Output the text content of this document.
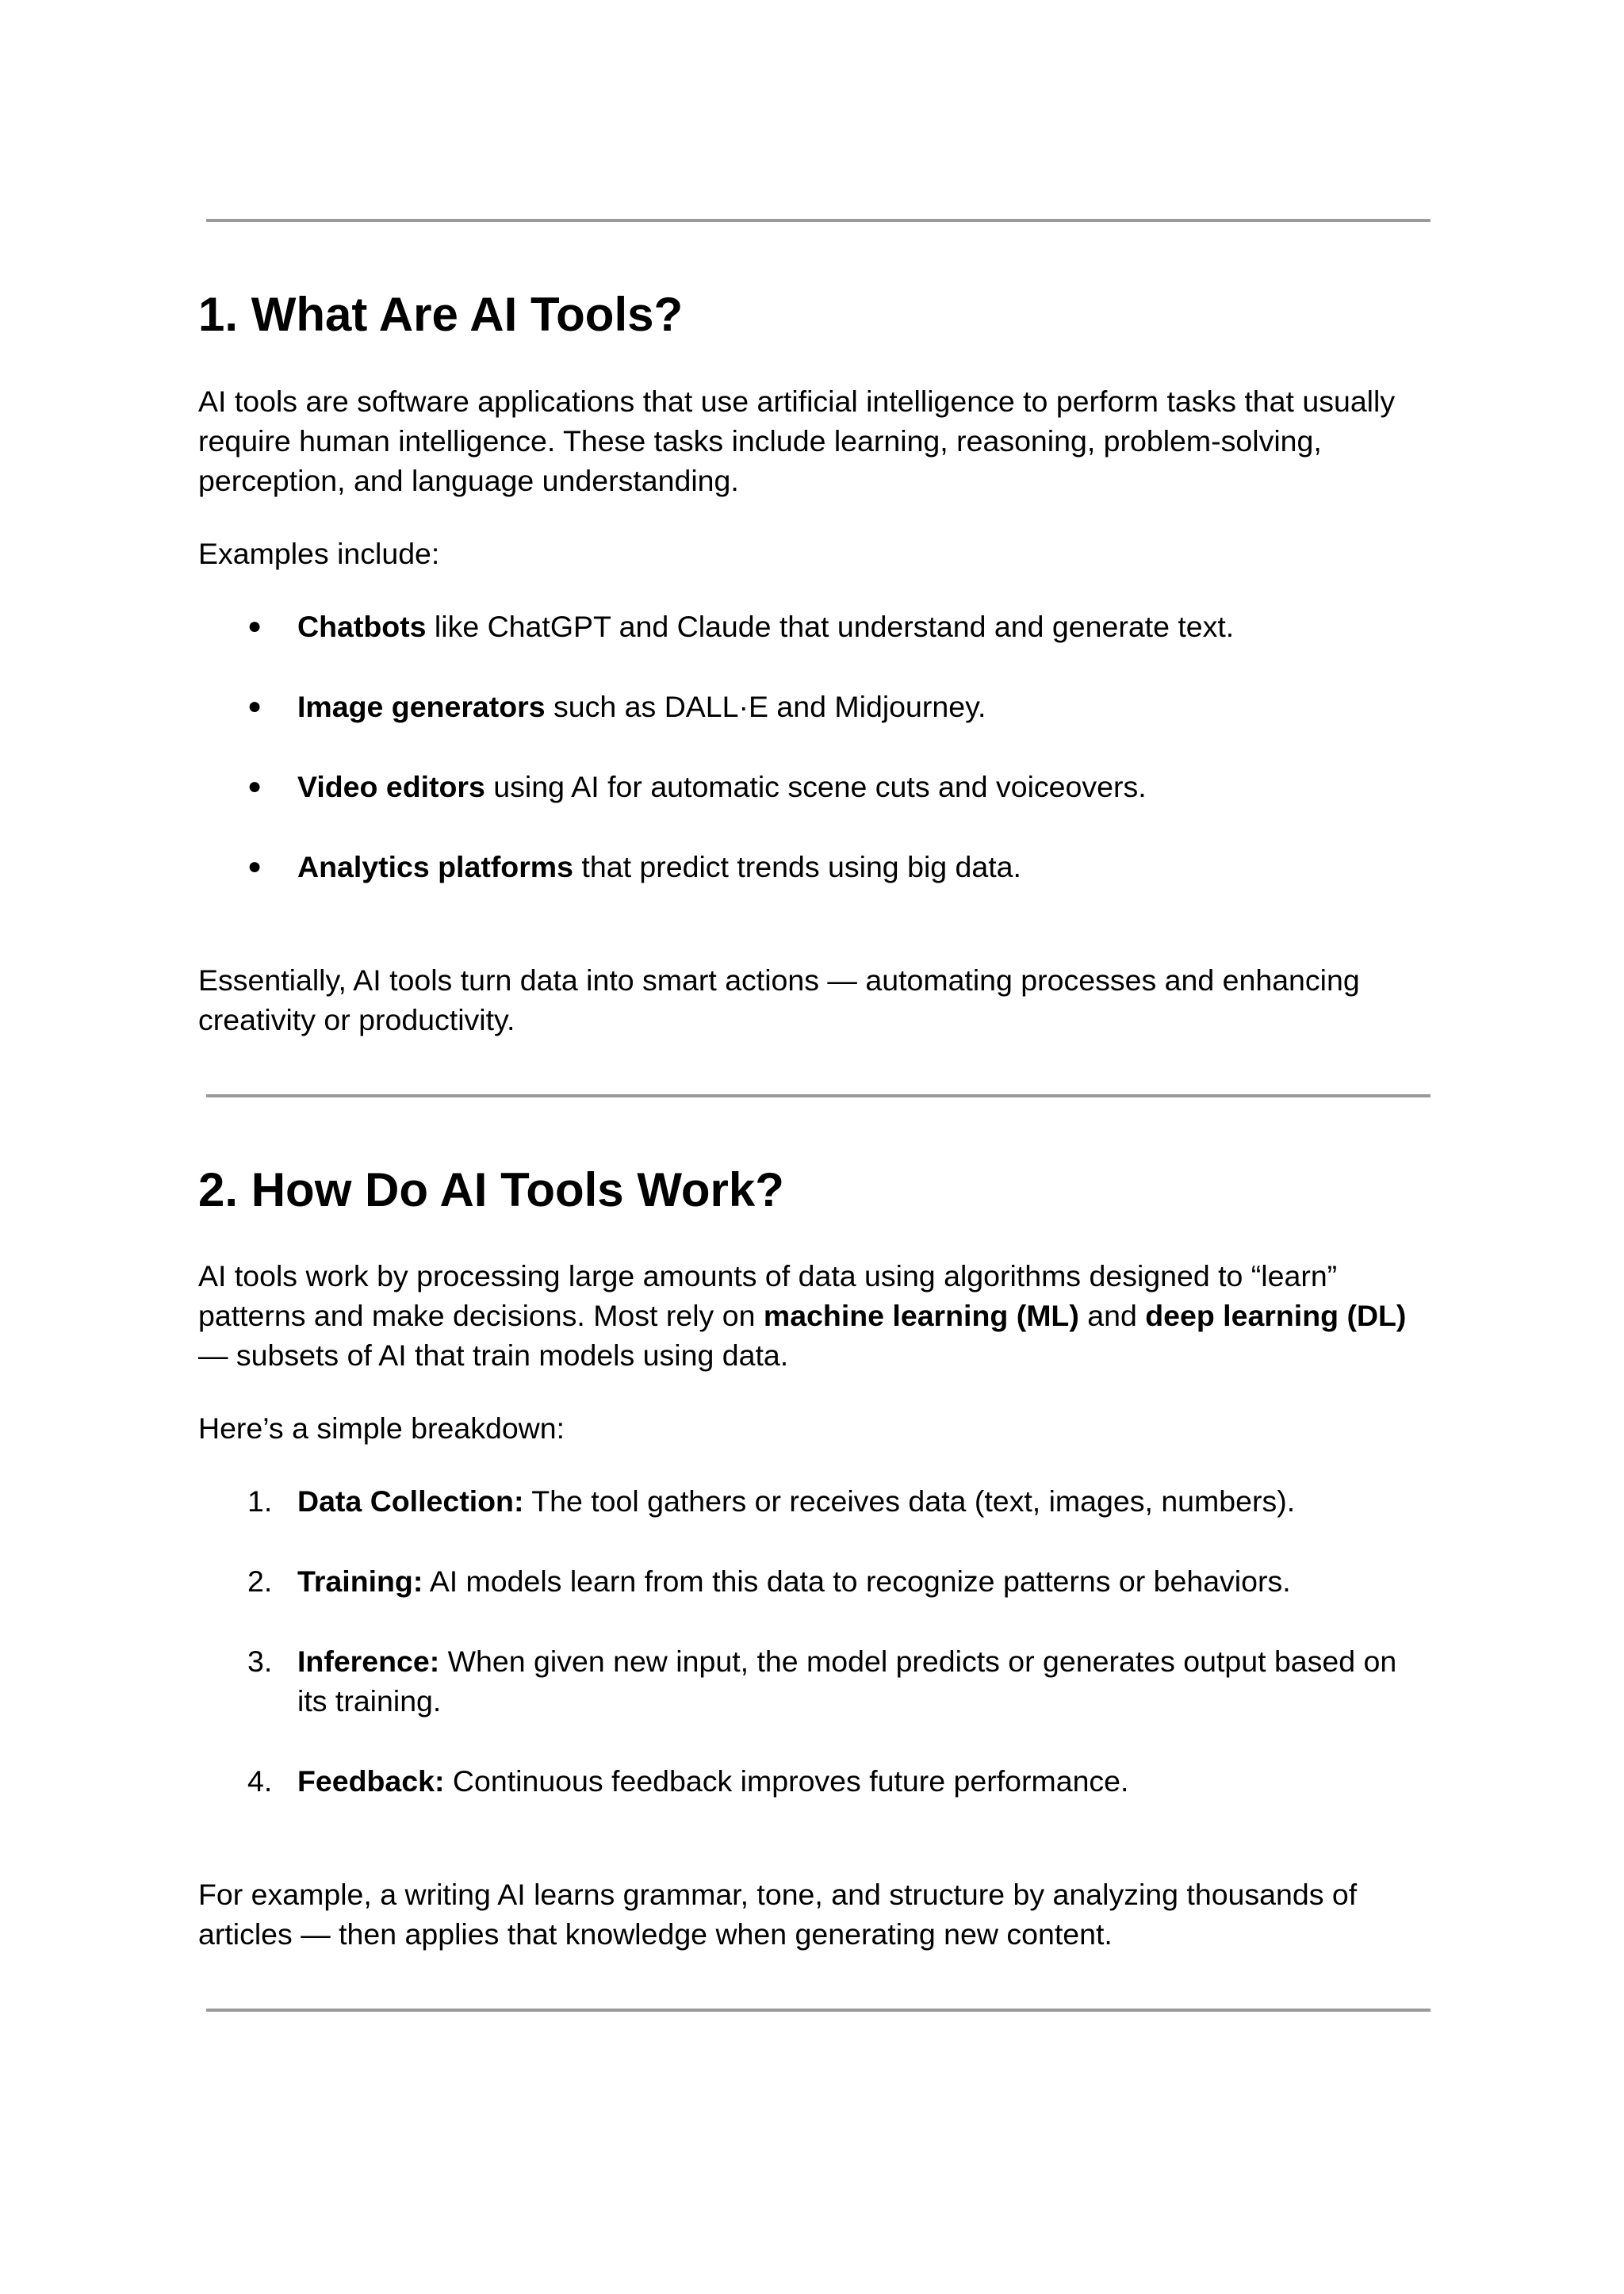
1. What Are AI Tools?

AI tools are software applications that use artificial intelligence to perform tasks that usually require human intelligence. These tasks include learning, reasoning, problem-solving, perception, and language understanding.

Examples include:

● Chatbots like ChatGPT and Claude that understand and generate text.
● Image generators such as DALL·E and Midjourney.
● Video editors using AI for automatic scene cuts and voiceovers.
● Analytics platforms that predict trends using big data.

Essentially, AI tools turn data into smart actions — automating processes and enhancing creativity or productivity.

2. How Do AI Tools Work?

AI tools work by processing large amounts of data using algorithms designed to “learn” patterns and make decisions. Most rely on machine learning (ML) and deep learning (DL) — subsets of AI that train models using data.

Here’s a simple breakdown:

1. Data Collection: The tool gathers or receives data (text, images, numbers).
2. Training: AI models learn from this data to recognize patterns or behaviors.
3. Inference: When given new input, the model predicts or generates output based on its training.
4. Feedback: Continuous feedback improves future performance.

For example, a writing AI learns grammar, tone, and structure by analyzing thousands of articles — then applies that knowledge when generating new content.
